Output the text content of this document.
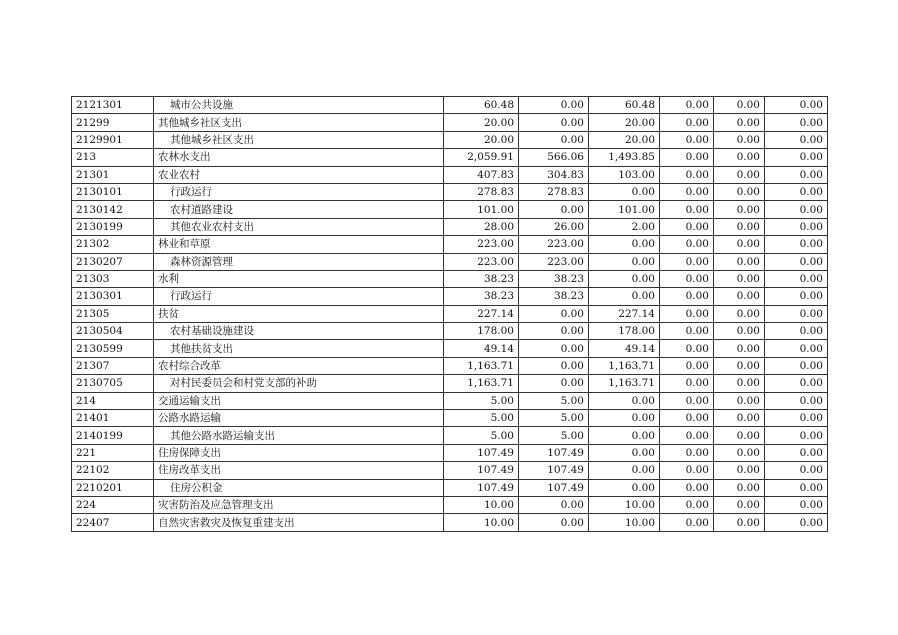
2121301	城市公共设施	60.48	0.00	60.48	0.00	0.00	0.00
21299	其他城乡社区支出	20.00	0.00	20.00	0.00	0.00	0.00
2129901	其他城乡社区支出	20.00	0.00	20.00	0.00	0.00	0.00
213	农林水支出	2,059.91	566.06	1,493.85	0.00	0.00	0.00
21301	农业农村	407.83	304.83	103.00	0.00	0.00	0.00
2130101	行政运行	278.83	278.83	0.00	0.00	0.00	0.00
2130142	农村道路建设	101.00	0.00	101.00	0.00	0.00	0.00
2130199	其他农业农村支出	28.00	26.00	2.00	0.00	0.00	0.00
21302	林业和草原	223.00	223.00	0.00	0.00	0.00	0.00
2130207	森林资源管理	223.00	223.00	0.00	0.00	0.00	0.00
21303	水利	38.23	38.23	0.00	0.00	0.00	0.00
2130301	行政运行	38.23	38.23	0.00	0.00	0.00	0.00
21305	扶贫	227.14	0.00	227.14	0.00	0.00	0.00
2130504	农村基础设施建设	178.00	0.00	178.00	0.00	0.00	0.00
2130599	其他扶贫支出	49.14	0.00	49.14	0.00	0.00	0.00
21307	农村综合改革	1,163.71	0.00	1,163.71	0.00	0.00	0.00
2130705	对村民委员会和村党支部的补助	1,163.71	0.00	1,163.71	0.00	0.00	0.00
214	交通运输支出	5.00	5.00	0.00	0.00	0.00	0.00
21401	公路水路运输	5.00	5.00	0.00	0.00	0.00	0.00
2140199	其他公路水路运输支出	5.00	5.00	0.00	0.00	0.00	0.00
221	住房保障支出	107.49	107.49	0.00	0.00	0.00	0.00
22102	住房改革支出	107.49	107.49	0.00	0.00	0.00	0.00
2210201	住房公积金	107.49	107.49	0.00	0.00	0.00	0.00
224	灾害防治及应急管理支出	10.00	0.00	10.00	0.00	0.00	0.00
22407	自然灾害救灾及恢复重建支出	10.00	0.00	10.00	0.00	0.00	0.00
